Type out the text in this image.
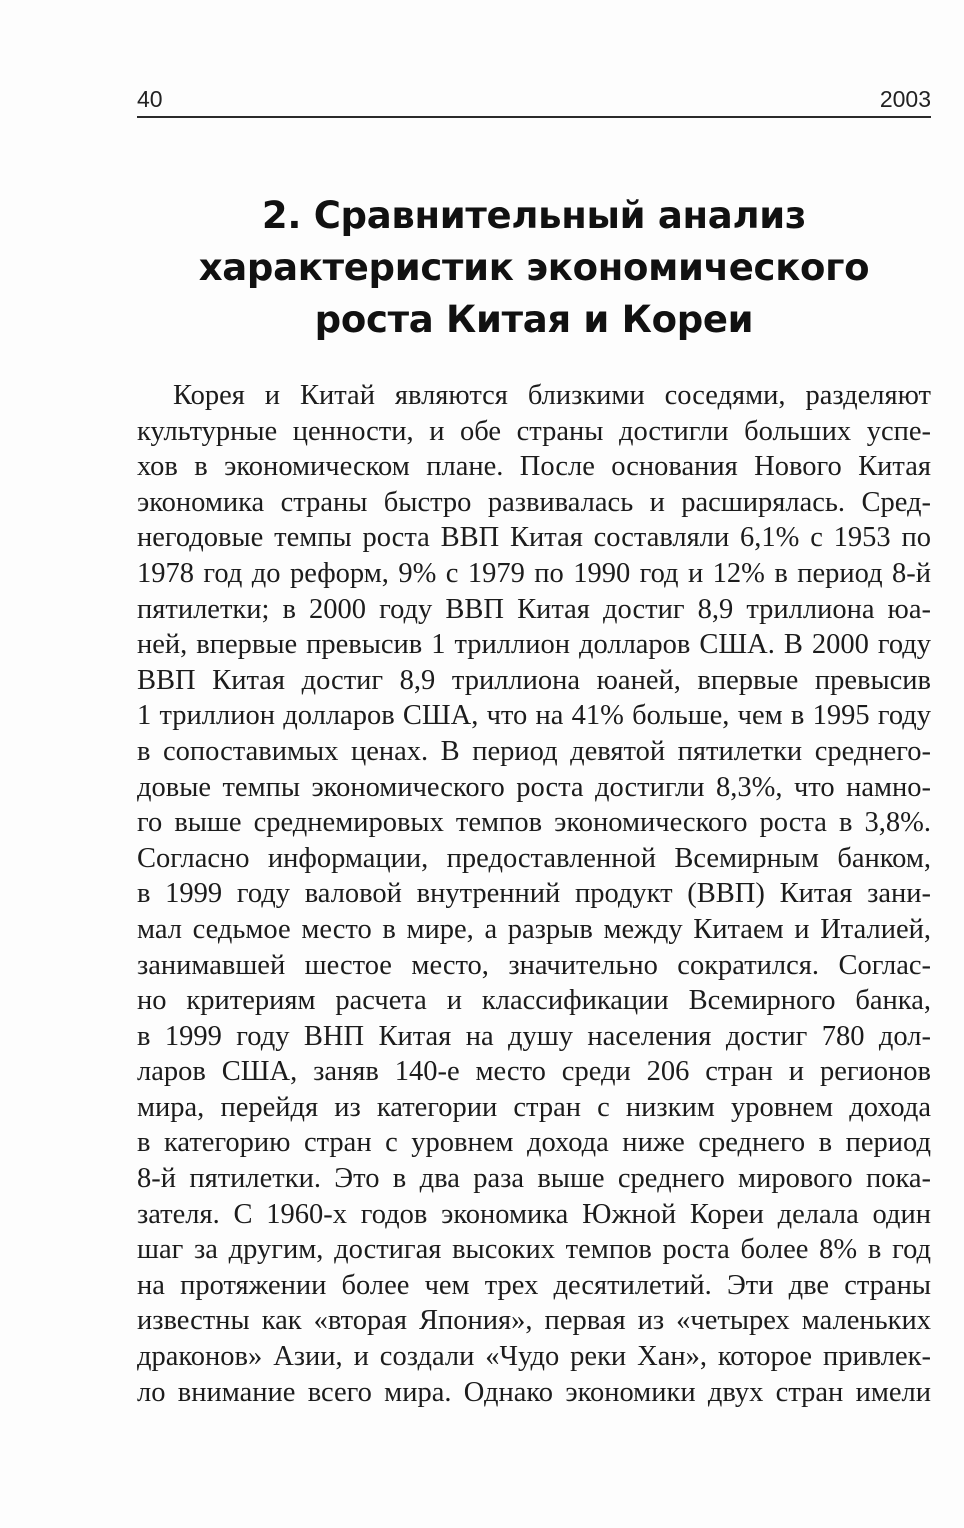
40	2003
2. Сравнительный анализ
характеристик экономического
роста Китая и Кореи

Корея и Китай являются близкими соседями, разделяют
культурные ценности, и обе страны достигли больших успе-
хов в экономическом плане. После основания Нового Китая
экономика страны быстро развивалась и расширялась. Сред-
негодовые темпы роста ВВП Китая составляли 6,1% с 1953 по
1978 год до реформ, 9% с 1979 по 1990 год и 12% в период 8-й
пятилетки; в 2000 году ВВП Китая достиг 8,9 триллиона юа-
ней, впервые превысив 1 триллион долларов США. В 2000 году
ВВП Китая достиг 8,9 триллиона юаней, впервые превысив
1 триллион долларов США, что на 41% больше, чем в 1995 году
в сопоставимых ценах. В период девятой пятилетки среднего-
довые темпы экономического роста достигли 8,3%, что намно-
го выше среднемировых темпов экономического роста в 3,8%.
Согласно информации, предоставленной Всемирным банком,
в 1999 году валовой внутренний продукт (ВВП) Китая зани-
мал седьмое место в мире, а разрыв между Китаем и Италией,
занимавшей шестое место, значительно сократился. Соглас-
но критериям расчета и классификации Всемирного банка,
в 1999 году ВНП Китая на душу населения достиг 780 дол-
ларов США, заняв 140-е место среди 206 стран и регионов
мира, перейдя из категории стран с низким уровнем дохода
в категорию стран с уровнем дохода ниже среднего в период
8-й пятилетки. Это в два раза выше среднего мирового пока-
зателя. С 1960-х годов экономика Южной Кореи делала один
шаг за другим, достигая высоких темпов роста более 8% в год
на протяжении более чем трех десятилетий. Эти две страны
известны как «вторая Япония», первая из «четырех маленьких
драконов» Азии, и создали «Чудо реки Хан», которое привлек-
ло внимание всего мира. Однако экономики двух стран имели
